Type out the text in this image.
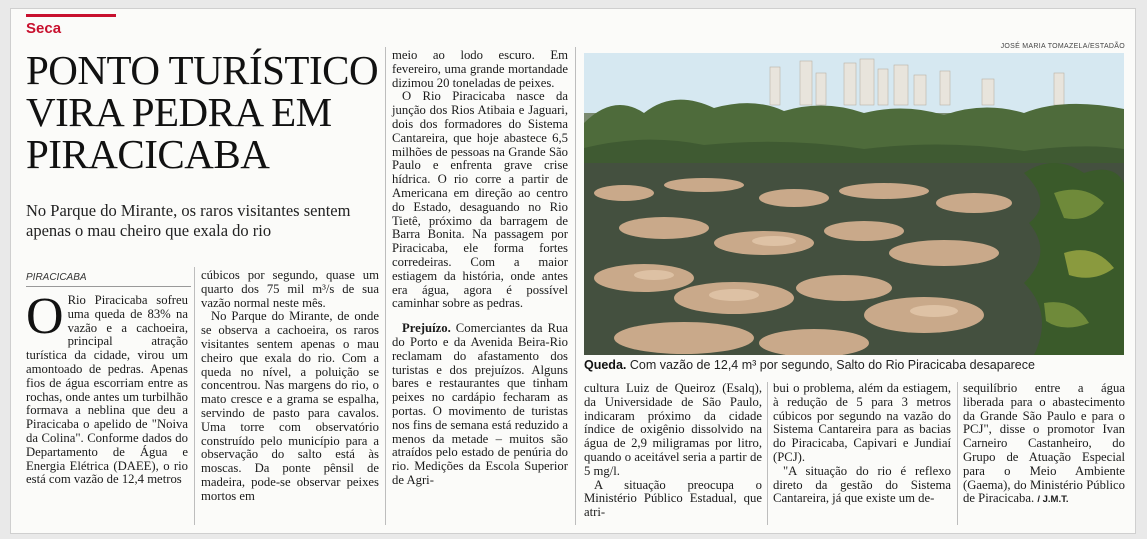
Seca
PONTO TURÍSTICO
VIRA PEDRA EM
PIRACICABA
No Parque do Mirante, os raros visitantes sentem apenas o mau cheiro que exala do rio
PIRACICABA

O Rio Piracicaba sofreu uma queda de 83% na vazão e a cachoeira, principal atração turística da cidade, virou um amontoado de pedras. Apenas fios de água escorriam entre as rochas, onde antes um turbilhão formava a neblina que deu a Piracicaba o apelido de "Noiva da Colina". Conforme dados do Departamento de Água e Energia Elétrica (DAEE), o rio está com vazão de 12,4 metros

cúbicos por segundo, quase um quarto dos 75 mil m³/s de sua vazão normal neste mês.

No Parque do Mirante, de onde se observa a cachoeira, os raros visitantes sentem apenas o mau cheiro que exala do rio. Com a queda no nível, a poluição se concentrou. Nas margens do rio, o mato cresce e a grama se espalha, servindo de pasto para cavalos. Uma torre com observatório construído pelo município para a observação do salto está às moscas. Da ponte pênsil de madeira, pode-se observar peixes mortos em

meio ao lodo escuro. Em fevereiro, uma grande mortandade dizimou 20 toneladas de peixes.

O Rio Piracicaba nasce da junção dos Rios Atibaia e Jaguari, dois dos formadores do Sistema Cantareira, que hoje abastece 6,5 milhões de pessoas na Grande São Paulo e enfrenta grave crise hídrica. O rio corre a partir de Americana em direção ao centro do Estado, desaguando no Rio Tietê, próximo da barragem de Barra Bonita. Na passagem por Piracicaba, ele forma fortes corredeiras. Com a maior estiagem da história, onde antes era água, agora é possível caminhar sobre as pedras.

Prejuízo. Comerciantes da Rua do Porto e da Avenida Beira-Rio reclamam do afastamento dos turistas e dos prejuízos. Alguns bares e restaurantes que tinham peixes no cardápio fecharam as portas. O movimento de turistas nos fins de semana está reduzido a menos da metade – muitos são atraídos pelo estado de penúria do rio. Medições da Escola Superior de Agri-

JOSÉ MARIA TOMAZELA/ESTADÃO
Queda. Com vazão de 12,4 m³ por segundo, Salto do Rio Piracicaba desaparece

cultura Luiz de Queiroz (Esalq), da Universidade de São Paulo, indicaram próximo da cidade índice de oxigênio dissolvido na água de 2,9 miligramas por litro, quando o aceitável seria a partir de 5 mg/l.

A situação preocupa o Ministério Público Estadual, que atri-

bui o problema, além da estiagem, à redução de 5 para 3 metros cúbicos por segundo na vazão do Sistema Cantareira para as bacias do Piracicaba, Capivari e Jundiaí (PCJ).

"A situação do rio é reflexo direto da gestão do Sistema Cantareira, já que existe um de-

sequilíbrio entre a água liberada para o abastecimento da Grande São Paulo e para o PCJ", disse o promotor Ivan Carneiro Castanheiro, do Grupo de Atuação Especial para o Meio Ambiente (Gaema), do Ministério Público de Piracicaba. / J.M.T.
